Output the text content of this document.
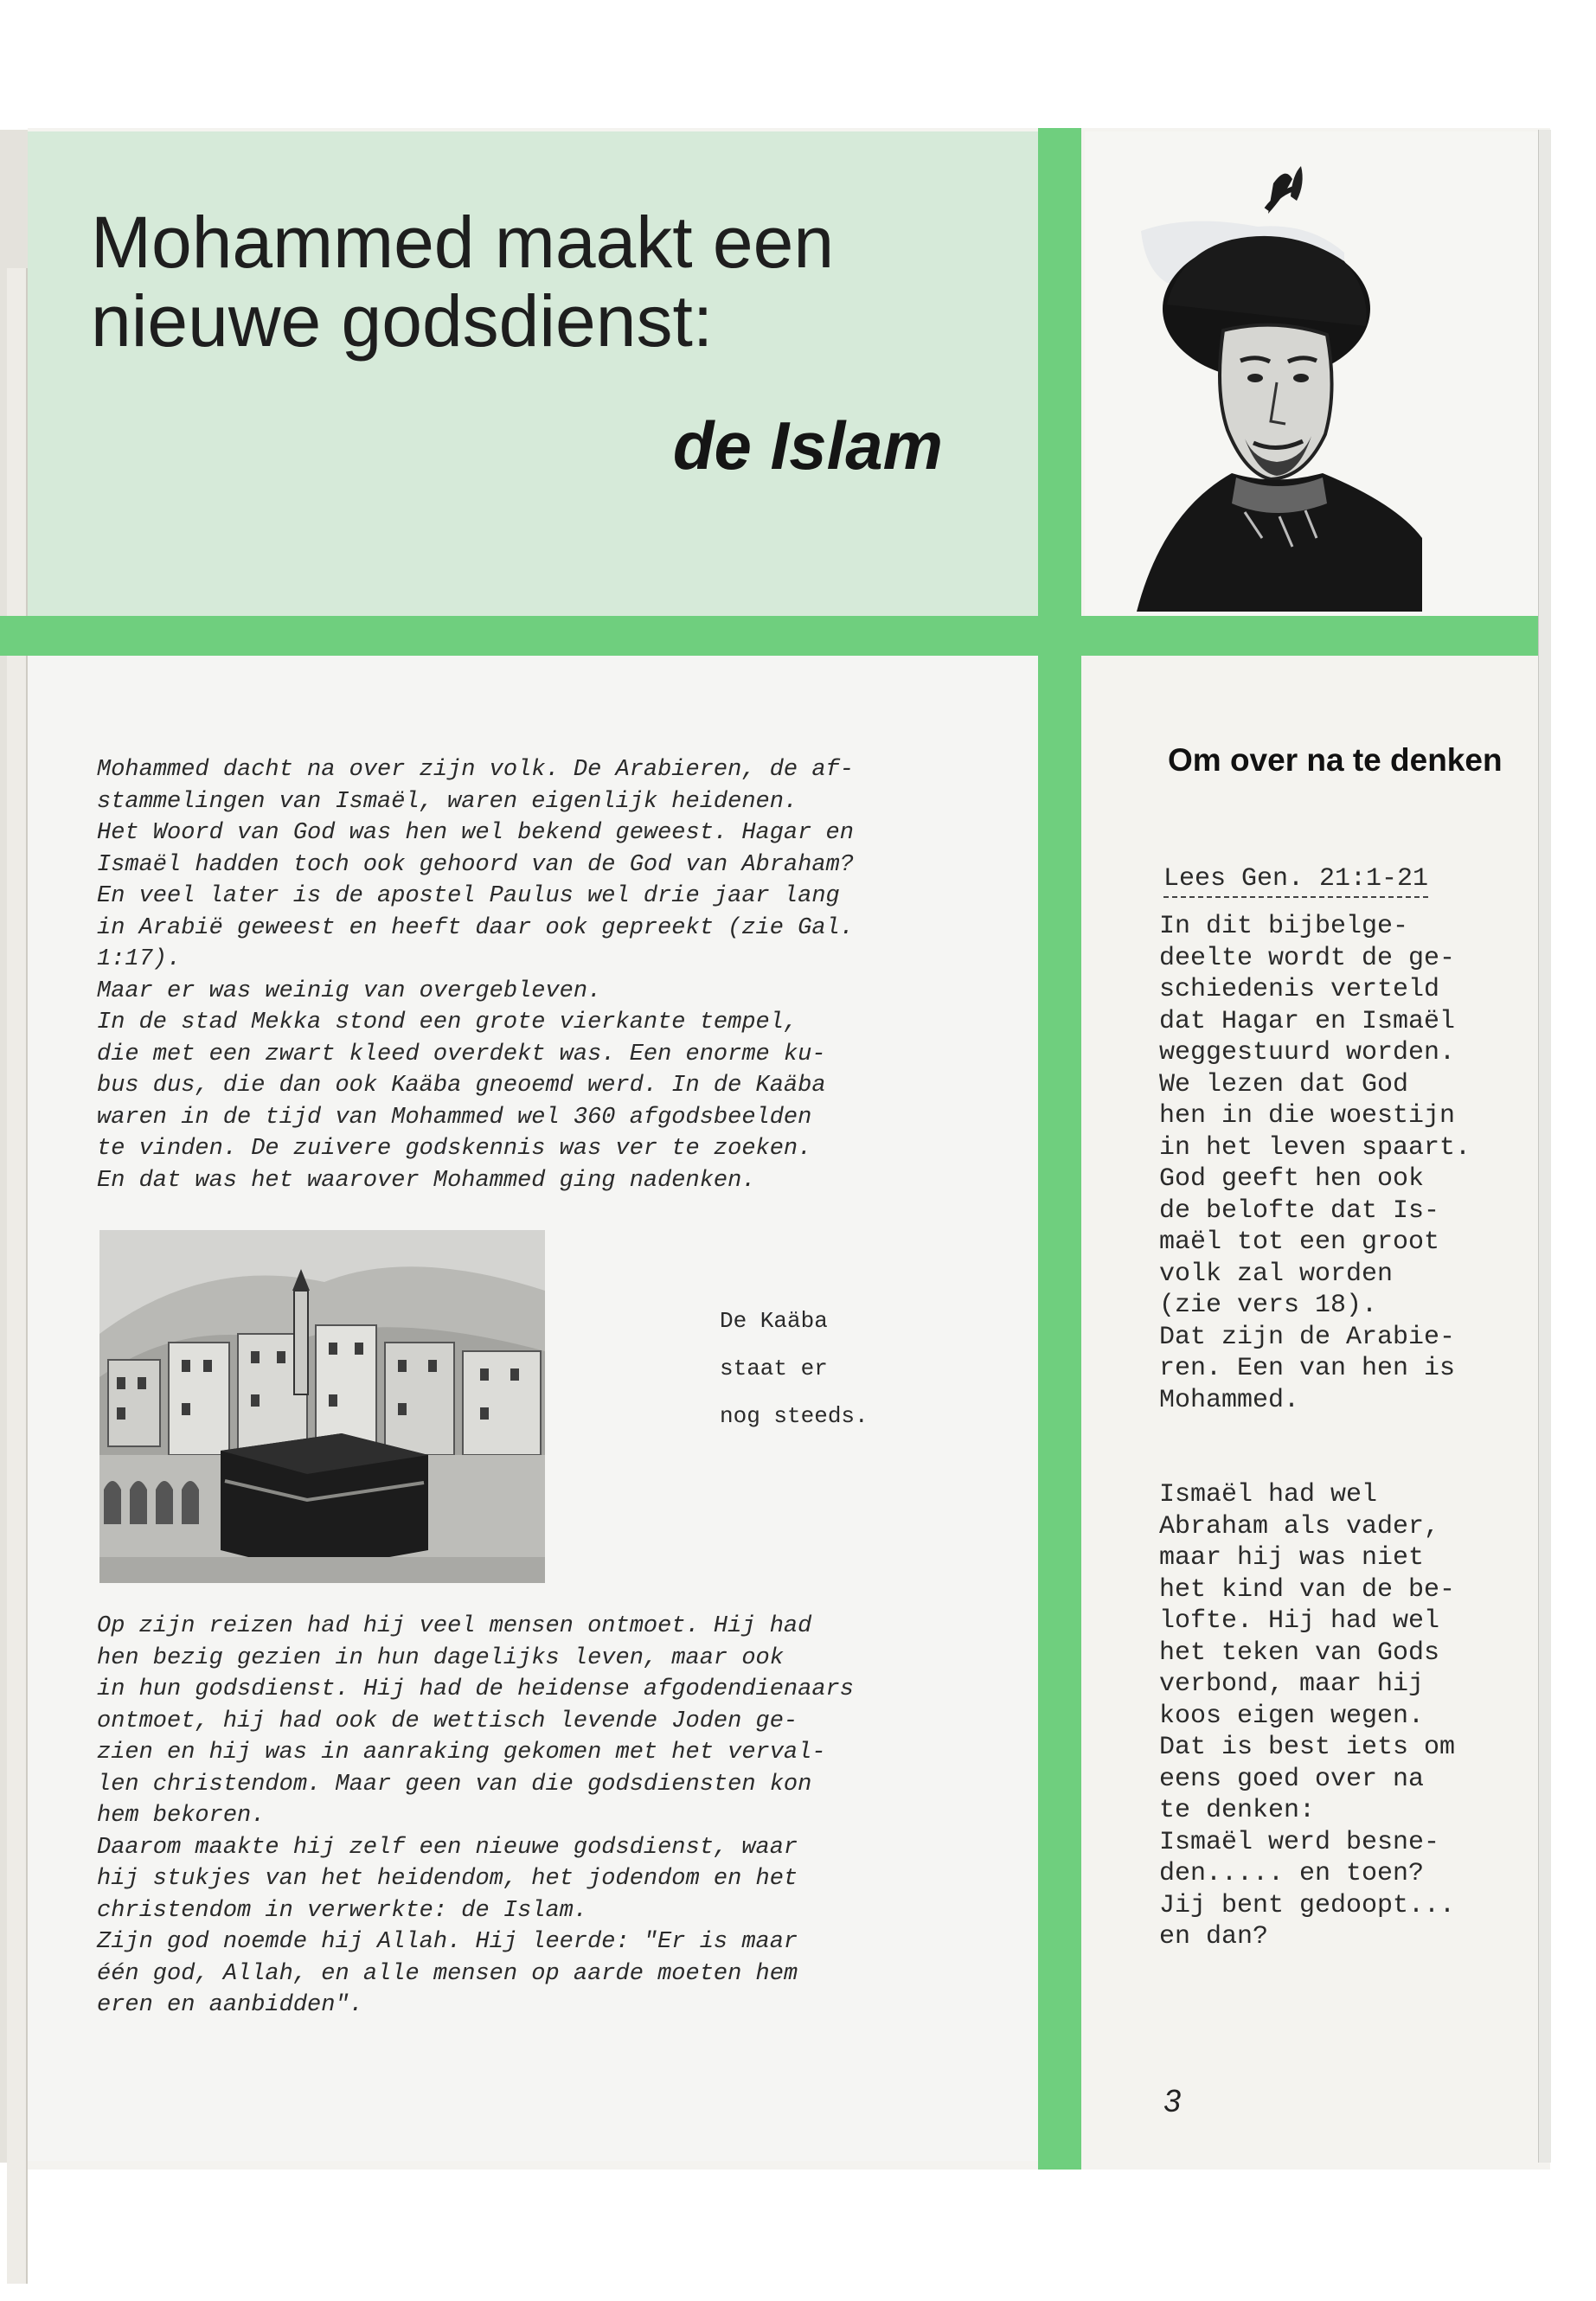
Mohammed maakt een nieuwe godsdienst:
de Islam

Mohammed dacht na over zijn volk. De Arabieren, de af-
stammelingen van Ismaël, waren eigenlijk heidenen.
Het Woord van God was hen wel bekend geweest. Hagar en
Ismaël hadden toch ook gehoord van de God van Abraham?
En veel later is de apostel Paulus wel drie jaar lang
in Arabië geweest en heeft daar ook gepreekt (zie Gal.
1:17).
Maar er was weinig van overgebleven.
In de stad Mekka stond een grote vierkante tempel,
die met een zwart kleed overdekt was. Een enorme ku-
bus dus, die dan ook Kaäba gneoemd werd. In de Kaäba
waren in de tijd van Mohammed wel 360 afgodsbeelden
te vinden. De zuivere godskennis was ver te zoeken.
En dat was het waarover Mohammed ging nadenken.

De Kaäba
staat er
nog steeds.

Op zijn reizen had hij veel mensen ontmoet. Hij had
hen bezig gezien in hun dagelijks leven, maar ook
in hun godsdienst. Hij had de heidense afgodendienaars
ontmoet, hij had ook de wettisch levende Joden ge-
zien en hij was in aanraking gekomen met het verval-
len christendom. Maar geen van die godsdiensten kon
hem bekoren.
Daarom maakte hij zelf een nieuwe godsdienst, waar
hij stukjes van het heidendom, het jodendom en het
christendom in verwerkte: de Islam.
Zijn god noemde hij Allah. Hij leerde: "Er is maar
één god, Allah, en alle mensen op aarde moeten hem
eren en aanbidden".

Om over na te denken

Lees Gen. 21:1-21

In dit bijbelge-
deelte wordt de ge-
schiedenis verteld
dat Hagar en Ismaël
weggestuurd worden.
We lezen dat God
hen in die woestijn
in het leven spaart.
God geeft hen ook
de belofte dat Is-
maël tot een groot
volk zal worden
(zie vers 18).
Dat zijn de Arabie-
ren. Een van hen is
Mohammed.

Ismaël had wel
Abraham als vader,
maar hij was niet
het kind van de be-
lofte. Hij had wel
het teken van Gods
verbond, maar hij
koos eigen wegen.
Dat is best iets om
eens goed over na
te denken:
Ismaël werd besne-
den..... en toen?
Jij bent gedoopt...
en dan?

3
